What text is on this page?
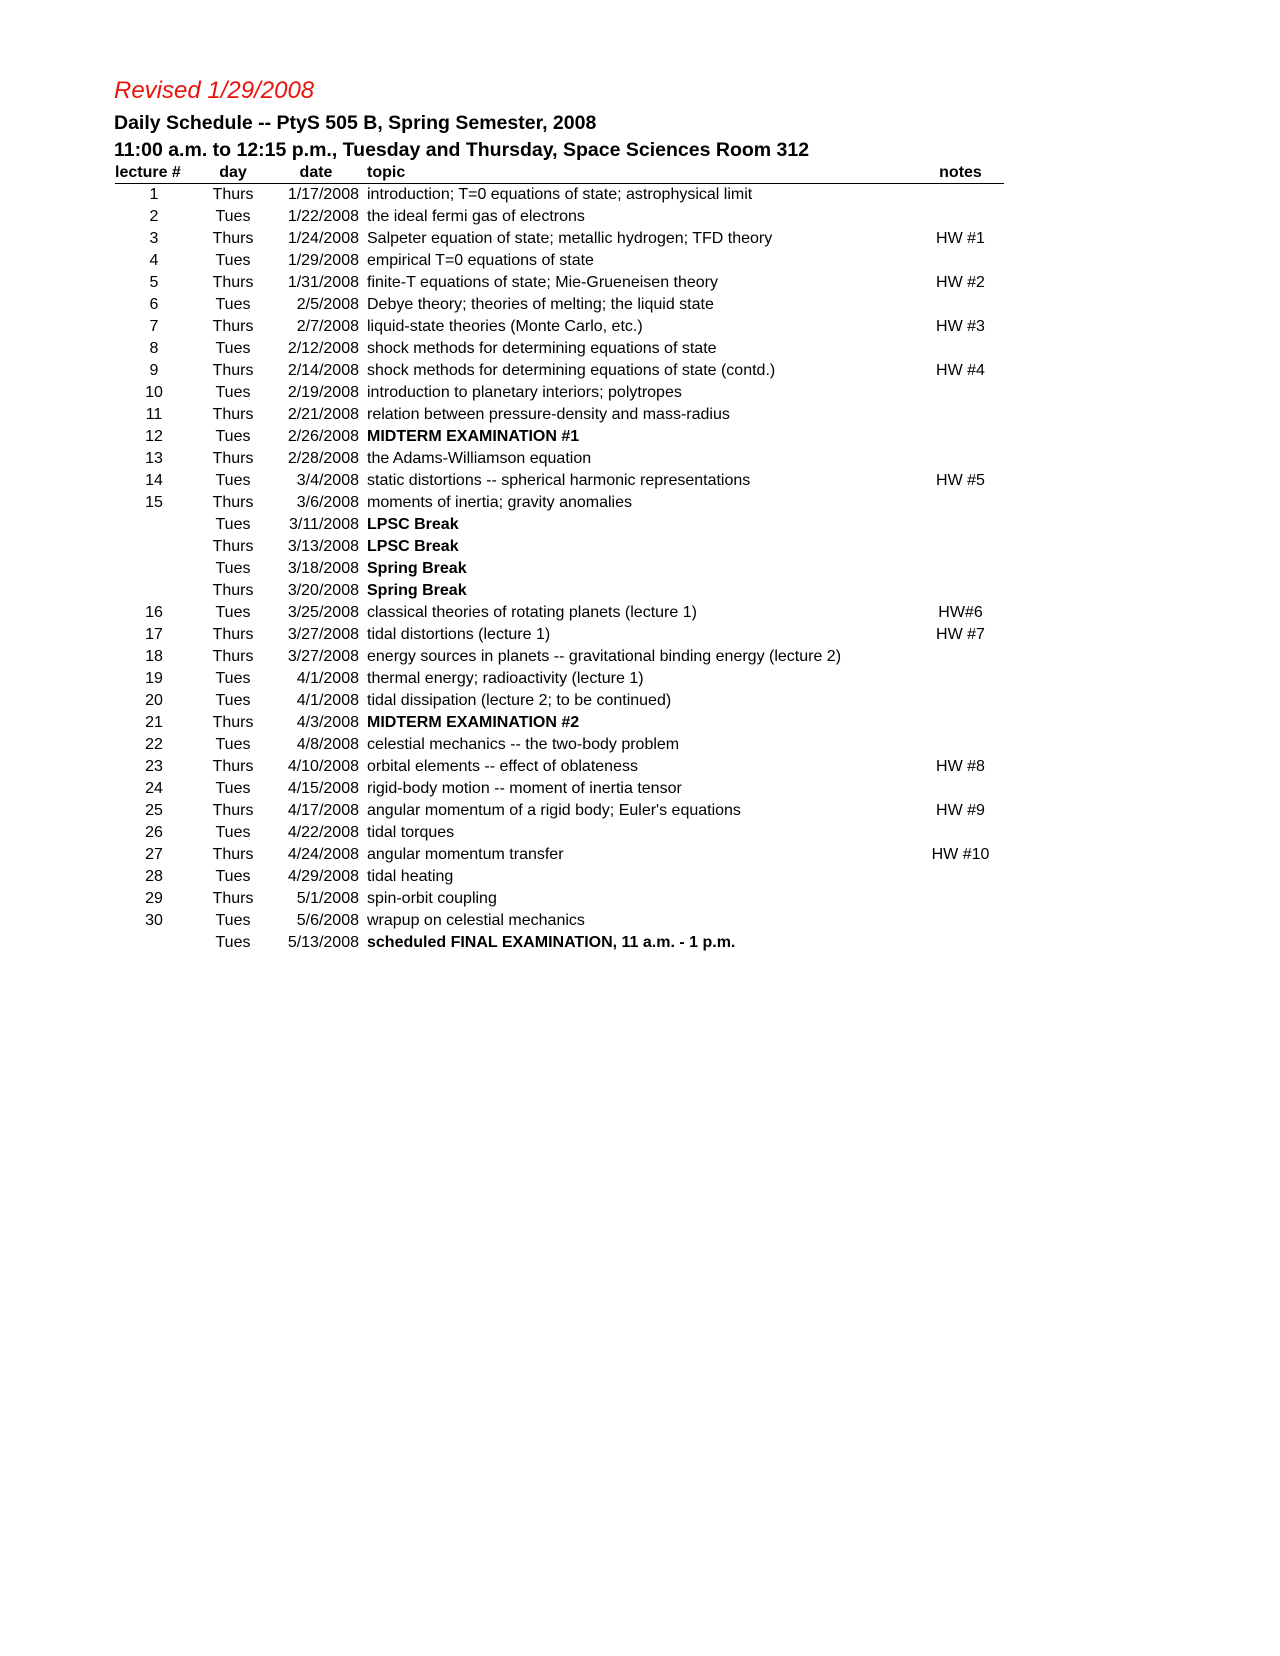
Revised 1/29/2008
Daily Schedule -- PtyS 505 B, Spring Semester, 2008
11:00 a.m. to 12:15 p.m., Tuesday and Thursday, Space Sciences Room 312
lecture #	day	date	topic	notes
1	Thurs	1/17/2008 introduction; T=0 equations of state; astrophysical limit
2	Tues	1/22/2008 the ideal fermi gas of electrons
3	Thurs	1/24/2008 Salpeter equation of state; metallic hydrogen; TFD theory	HW #1
4	Tues	1/29/2008 empirical T=0 equations of state
5	Thurs	1/31/2008 finite-T equations of state; Mie-Grueneisen theory	HW #2
6	Tues	2/5/2008 Debye theory; theories of melting; the liquid state
7	Thurs	2/7/2008 liquid-state theories (Monte Carlo, etc.)	HW #3
8	Tues	2/12/2008 shock methods for determining equations of state
9	Thurs	2/14/2008 shock methods for determining equations of state (contd.)	HW #4
10	Tues	2/19/2008 introduction to planetary interiors; polytropes
11	Thurs	2/21/2008 relation between pressure-density and mass-radius
12	Tues	2/26/2008 MIDTERM EXAMINATION #1
13	Thurs	2/28/2008 the Adams-Williamson equation
14	Tues	3/4/2008 static distortions -- spherical harmonic representations	HW #5
15	Thurs	3/6/2008 moments of inertia; gravity anomalies
Tues	3/11/2008 LPSC Break
Thurs	3/13/2008 LPSC Break
Tues	3/18/2008 Spring Break
Thurs	3/20/2008 Spring Break
16	Tues	3/25/2008 classical theories of rotating planets (lecture 1)	HW#6
17	Thurs	3/27/2008 tidal distortions (lecture 1)	HW #7
18	Thurs	3/27/2008 energy sources in planets -- gravitational binding energy (lecture 2)
19	Tues	4/1/2008 thermal energy; radioactivity (lecture 1)
20	Tues	4/1/2008 tidal dissipation (lecture 2; to be continued)
21	Thurs	4/3/2008 MIDTERM EXAMINATION #2
22	Tues	4/8/2008 celestial mechanics -- the two-body problem
23	Thurs	4/10/2008 orbital elements -- effect of oblateness	HW #8
24	Tues	4/15/2008 rigid-body motion -- moment of inertia tensor
25	Thurs	4/17/2008 angular momentum of a rigid body; Euler's equations	HW #9
26	Tues	4/22/2008 tidal torques
27	Thurs	4/24/2008 angular momentum transfer	HW #10
28	Tues	4/29/2008 tidal heating
29	Thurs	5/1/2008 spin-orbit coupling
30	Tues	5/6/2008 wrapup on celestial mechanics
Tues	5/13/2008 scheduled FINAL EXAMINATION, 11 a.m. - 1 p.m.
